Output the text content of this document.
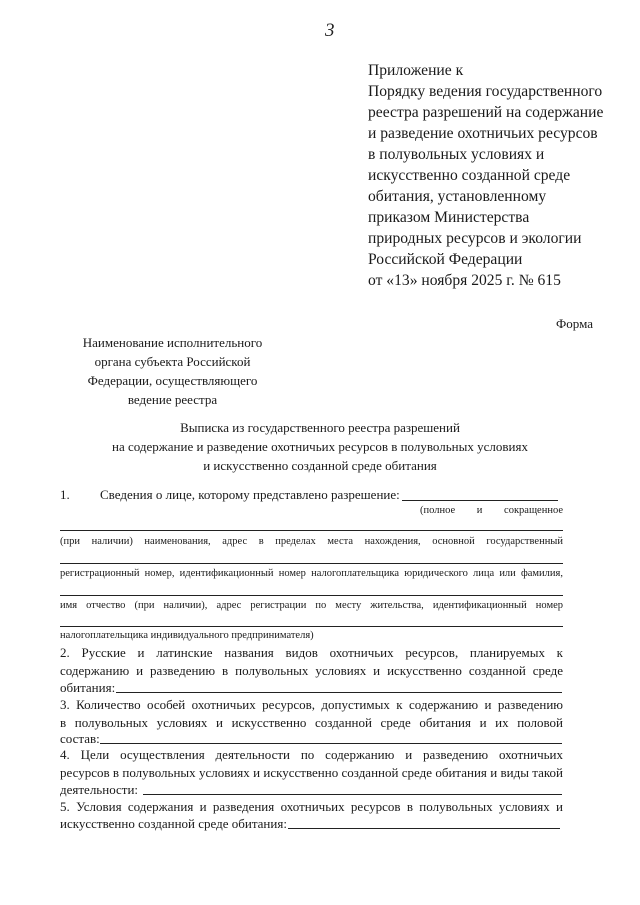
3
Приложение к
Порядку ведения государственного
реестра разрешений на содержание
и разведение охотничьих ресурсов
в полувольных условиях и
искусственно созданной среде
обитания, установленному
приказом Министерства
природных ресурсов и экологии
Российской Федерации
от «13» ноября 2025 г. № 615
Форма
Наименование исполнительного
органа субъекта Российской
Федерации, осуществляющего
ведение реестра
Выписка из государственного реестра разрешений
на содержание и разведение охотничьих ресурсов в полувольных условиях
и искусственно созданной среде обитания
1. Сведения о лице, которому представлено разрешение:
(полное и сокращенное
(при наличии) наименования, адрес в пределах места нахождения, основной государственный
регистрационный номер, идентификационный номер налогоплательщика юридического лица или фамилия,
имя отчество (при наличии), адрес регистрации по месту жительства, идентификационный номер
налогоплательщика индивидуального предпринимателя)
2. Русские и латинские названия видов охотничьих ресурсов, планируемых к
содержанию и разведению в полувольных условиях и искусственно созданной среде
обитания:
3. Количество особей охотничьих ресурсов, допустимых к содержанию и разведению
в полувольных условиях и искусственно созданной среде обитания и их половой
состав:
4. Цели осуществления деятельности по содержанию и разведению охотничьих
ресурсов в полувольных условиях и искусственно созданной среде обитания и виды такой
деятельности:
5. Условия содержания и разведения охотничьих ресурсов в полувольных условиях и
искусственно созданной среде обитания:
